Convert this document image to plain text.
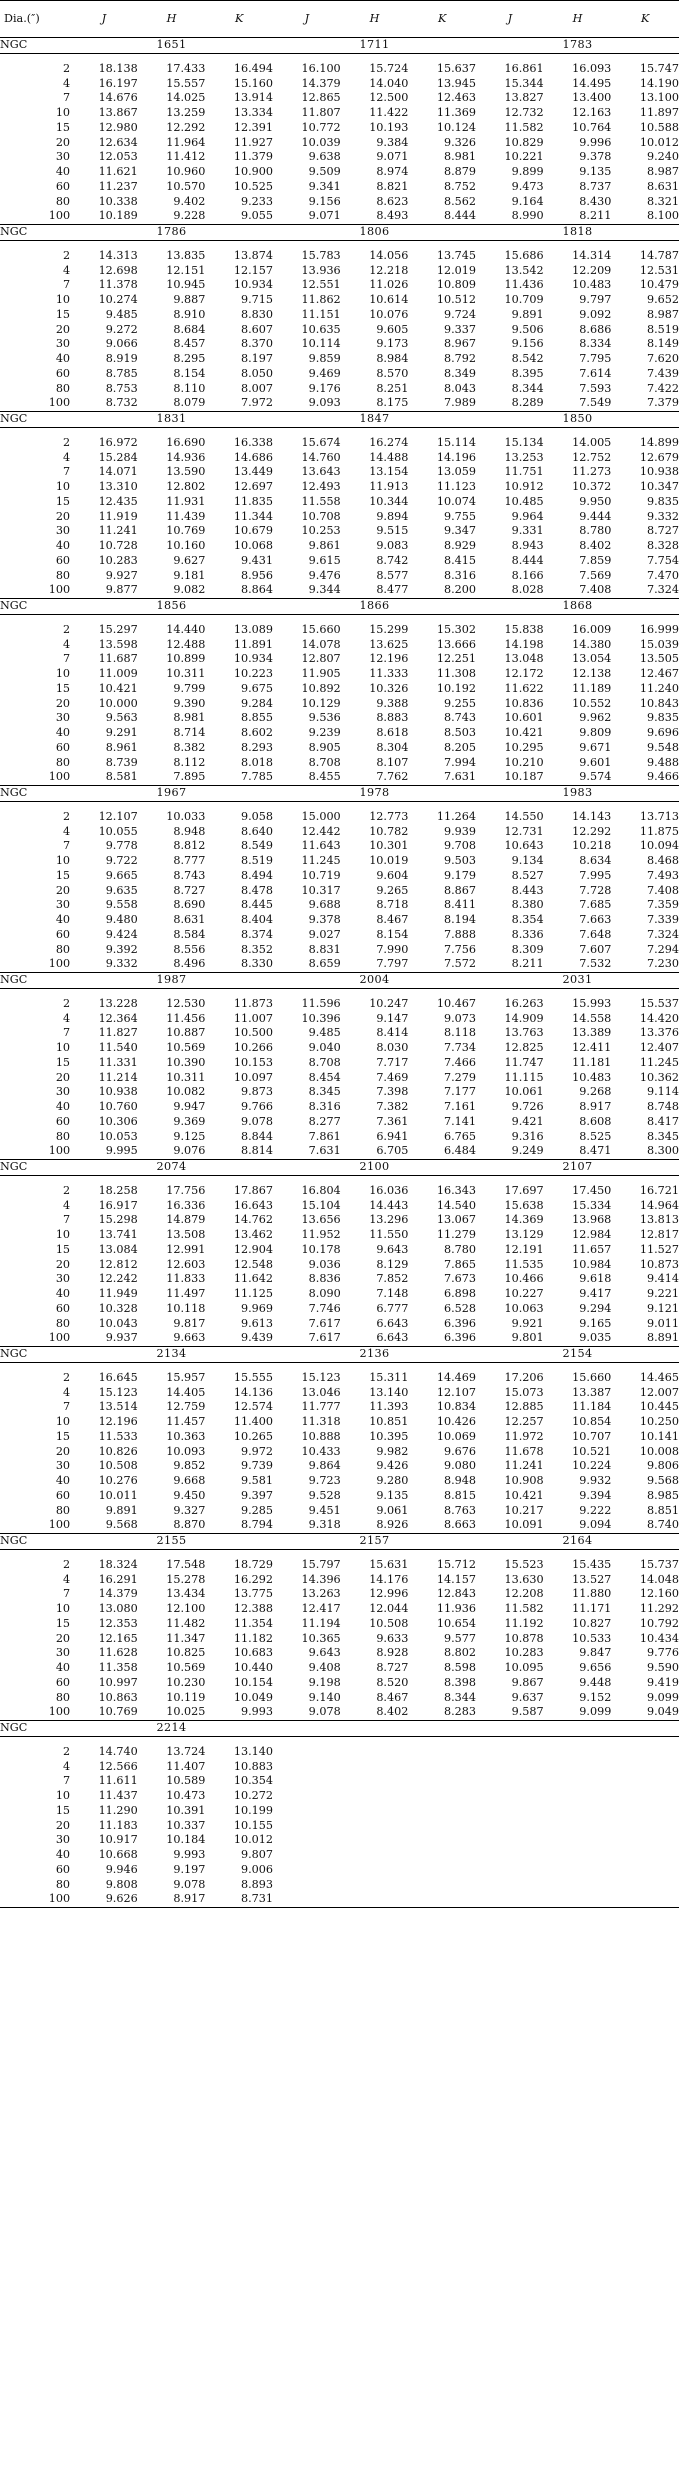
Dia.(″)	J	H	K	J	H	K	J	H	K
NGC	1651			1711			1783		

2	18.138	17.433	16.494	16.100	15.724	15.637	16.861	16.093	15.747
4	16.197	15.557	15.160	14.379	14.040	13.945	15.344	14.495	14.190
7	14.676	14.025	13.914	12.865	12.500	12.463	13.827	13.400	13.100
10	13.867	13.259	13.334	11.807	11.422	11.369	12.732	12.163	11.897
15	12.980	12.292	12.391	10.772	10.193	10.124	11.582	10.764	10.588
20	12.634	11.964	11.927	10.039	9.384	9.326	10.829	9.996	10.012
30	12.053	11.412	11.379	9.638	9.071	8.981	10.221	9.378	9.240
40	11.621	10.960	10.900	9.509	8.974	8.879	9.899	9.135	8.987
60	11.237	10.570	10.525	9.341	8.821	8.752	9.473	8.737	8.631
80	10.338	9.402	9.233	9.156	8.623	8.562	9.164	8.430	8.321
100	10.189	9.228	9.055	9.071	8.493	8.444	8.990	8.211	8.100
NGC	1786			1806			1818		

2	14.313	13.835	13.874	15.783	14.056	13.745	15.686	14.314	14.787
4	12.698	12.151	12.157	13.936	12.218	12.019	13.542	12.209	12.531
7	11.378	10.945	10.934	12.551	11.026	10.809	11.436	10.483	10.479
10	10.274	9.887	9.715	11.862	10.614	10.512	10.709	9.797	9.652
15	9.485	8.910	8.830	11.151	10.076	9.724	9.891	9.092	8.987
20	9.272	8.684	8.607	10.635	9.605	9.337	9.506	8.686	8.519
30	9.066	8.457	8.370	10.114	9.173	8.967	9.156	8.334	8.149
40	8.919	8.295	8.197	9.859	8.984	8.792	8.542	7.795	7.620
60	8.785	8.154	8.050	9.469	8.570	8.349	8.395	7.614	7.439
80	8.753	8.110	8.007	9.176	8.251	8.043	8.344	7.593	7.422
100	8.732	8.079	7.972	9.093	8.175	7.989	8.289	7.549	7.379
NGC	1831			1847			1850		

2	16.972	16.690	16.338	15.674	16.274	15.114	15.134	14.005	14.899
4	15.284	14.936	14.686	14.760	14.488	14.196	13.253	12.752	12.679
7	14.071	13.590	13.449	13.643	13.154	13.059	11.751	11.273	10.938
10	13.310	12.802	12.697	12.493	11.913	11.123	10.912	10.372	10.347
15	12.435	11.931	11.835	11.558	10.344	10.074	10.485	9.950	9.835
20	11.919	11.439	11.344	10.708	9.894	9.755	9.964	9.444	9.332
30	11.241	10.769	10.679	10.253	9.515	9.347	9.331	8.780	8.727
40	10.728	10.160	10.068	9.861	9.083	8.929	8.943	8.402	8.328
60	10.283	9.627	9.431	9.615	8.742	8.415	8.444	7.859	7.754
80	9.927	9.181	8.956	9.476	8.577	8.316	8.166	7.569	7.470
100	9.877	9.082	8.864	9.344	8.477	8.200	8.028	7.408	7.324
NGC	1856			1866			1868		

2	15.297	14.440	13.089	15.660	15.299	15.302	15.838	16.009	16.999
4	13.598	12.488	11.891	14.078	13.625	13.666	14.198	14.380	15.039
7	11.687	10.899	10.934	12.807	12.196	12.251	13.048	13.054	13.505
10	11.009	10.311	10.223	11.905	11.333	11.308	12.172	12.138	12.467
15	10.421	9.799	9.675	10.892	10.326	10.192	11.622	11.189	11.240
20	10.000	9.390	9.284	10.129	9.388	9.255	10.836	10.552	10.843
30	9.563	8.981	8.855	9.536	8.883	8.743	10.601	9.962	9.835
40	9.291	8.714	8.602	9.239	8.618	8.503	10.421	9.809	9.696
60	8.961	8.382	8.293	8.905	8.304	8.205	10.295	9.671	9.548
80	8.739	8.112	8.018	8.708	8.107	7.994	10.210	9.601	9.488
100	8.581	7.895	7.785	8.455	7.762	7.631	10.187	9.574	9.466
NGC	1967			1978			1983		

2	12.107	10.033	9.058	15.000	12.773	11.264	14.550	14.143	13.713
4	10.055	8.948	8.640	12.442	10.782	9.939	12.731	12.292	11.875
7	9.778	8.812	8.549	11.643	10.301	9.708	10.643	10.218	10.094
10	9.722	8.777	8.519	11.245	10.019	9.503	9.134	8.634	8.468
15	9.665	8.743	8.494	10.719	9.604	9.179	8.527	7.995	7.493
20	9.635	8.727	8.478	10.317	9.265	8.867	8.443	7.728	7.408
30	9.558	8.690	8.445	9.688	8.718	8.411	8.380	7.685	7.359
40	9.480	8.631	8.404	9.378	8.467	8.194	8.354	7.663	7.339
60	9.424	8.584	8.374	9.027	8.154	7.888	8.336	7.648	7.324
80	9.392	8.556	8.352	8.831	7.990	7.756	8.309	7.607	7.294
100	9.332	8.496	8.330	8.659	7.797	7.572	8.211	7.532	7.230
NGC	1987			2004			2031		

2	13.228	12.530	11.873	11.596	10.247	10.467	16.263	15.993	15.537
4	12.364	11.456	11.007	10.396	9.147	9.073	14.909	14.558	14.420
7	11.827	10.887	10.500	9.485	8.414	8.118	13.763	13.389	13.376
10	11.540	10.569	10.266	9.040	8.030	7.734	12.825	12.411	12.407
15	11.331	10.390	10.153	8.708	7.717	7.466	11.747	11.181	11.245
20	11.214	10.311	10.097	8.454	7.469	7.279	11.115	10.483	10.362
30	10.938	10.082	9.873	8.345	7.398	7.177	10.061	9.268	9.114
40	10.760	9.947	9.766	8.316	7.382	7.161	9.726	8.917	8.748
60	10.306	9.369	9.078	8.277	7.361	7.141	9.421	8.608	8.417
80	10.053	9.125	8.844	7.861	6.941	6.765	9.316	8.525	8.345
100	9.995	9.076	8.814	7.631	6.705	6.484	9.249	8.471	8.300
NGC	2074			2100			2107		

2	18.258	17.756	17.867	16.804	16.036	16.343	17.697	17.450	16.721
4	16.917	16.336	16.643	15.104	14.443	14.540	15.638	15.334	14.964
7	15.298	14.879	14.762	13.656	13.296	13.067	14.369	13.968	13.813
10	13.741	13.508	13.462	11.952	11.550	11.279	13.129	12.984	12.817
15	13.084	12.991	12.904	10.178	9.643	8.780	12.191	11.657	11.527
20	12.812	12.603	12.548	9.036	8.129	7.865	11.535	10.984	10.873
30	12.242	11.833	11.642	8.836	7.852	7.673	10.466	9.618	9.414
40	11.949	11.497	11.125	8.090	7.148	6.898	10.227	9.417	9.221
60	10.328	10.118	9.969	7.746	6.777	6.528	10.063	9.294	9.121
80	10.043	9.817	9.613	7.617	6.643	6.396	9.921	9.165	9.011
100	9.937	9.663	9.439	7.617	6.643	6.396	9.801	9.035	8.891
NGC	2134			2136			2154		

2	16.645	15.957	15.555	15.123	15.311	14.469	17.206	15.660	14.465
4	15.123	14.405	14.136	13.046	13.140	12.107	15.073	13.387	12.007
7	13.514	12.759	12.574	11.777	11.393	10.834	12.885	11.184	10.445
10	12.196	11.457	11.400	11.318	10.851	10.426	12.257	10.854	10.250
15	11.533	10.363	10.265	10.888	10.395	10.069	11.972	10.707	10.141
20	10.826	10.093	9.972	10.433	9.982	9.676	11.678	10.521	10.008
30	10.508	9.852	9.739	9.864	9.426	9.080	11.241	10.224	9.806
40	10.276	9.668	9.581	9.723	9.280	8.948	10.908	9.932	9.568
60	10.011	9.450	9.397	9.528	9.135	8.815	10.421	9.394	8.985
80	9.891	9.327	9.285	9.451	9.061	8.763	10.217	9.222	8.851
100	9.568	8.870	8.794	9.318	8.926	8.663	10.091	9.094	8.740
NGC	2155			2157			2164		

2	18.324	17.548	18.729	15.797	15.631	15.712	15.523	15.435	15.737
4	16.291	15.278	16.292	14.396	14.176	14.157	13.630	13.527	14.048
7	14.379	13.434	13.775	13.263	12.996	12.843	12.208	11.880	12.160
10	13.080	12.100	12.388	12.417	12.044	11.936	11.582	11.171	11.292
15	12.353	11.482	11.354	11.194	10.508	10.654	11.192	10.827	10.792
20	12.165	11.347	11.182	10.365	9.633	9.577	10.878	10.533	10.434
30	11.628	10.825	10.683	9.643	8.928	8.802	10.283	9.847	9.776
40	11.358	10.569	10.440	9.408	8.727	8.598	10.095	9.656	9.590
60	10.997	10.230	10.154	9.198	8.520	8.398	9.867	9.448	9.419
80	10.863	10.119	10.049	9.140	8.467	8.344	9.637	9.152	9.099
100	10.769	10.025	9.993	9.078	8.402	8.283	9.587	9.099	9.049
NGC	2214								

2	14.740	13.724	13.140						
4	12.566	11.407	10.883						
7	11.611	10.589	10.354						
10	11.437	10.473	10.272						
15	11.290	10.391	10.199						
20	11.183	10.337	10.155						
30	10.917	10.184	10.012						
40	10.668	9.993	9.807						
60	9.946	9.197	9.006						
80	9.808	9.078	8.893						
100	9.626	8.917	8.731						
